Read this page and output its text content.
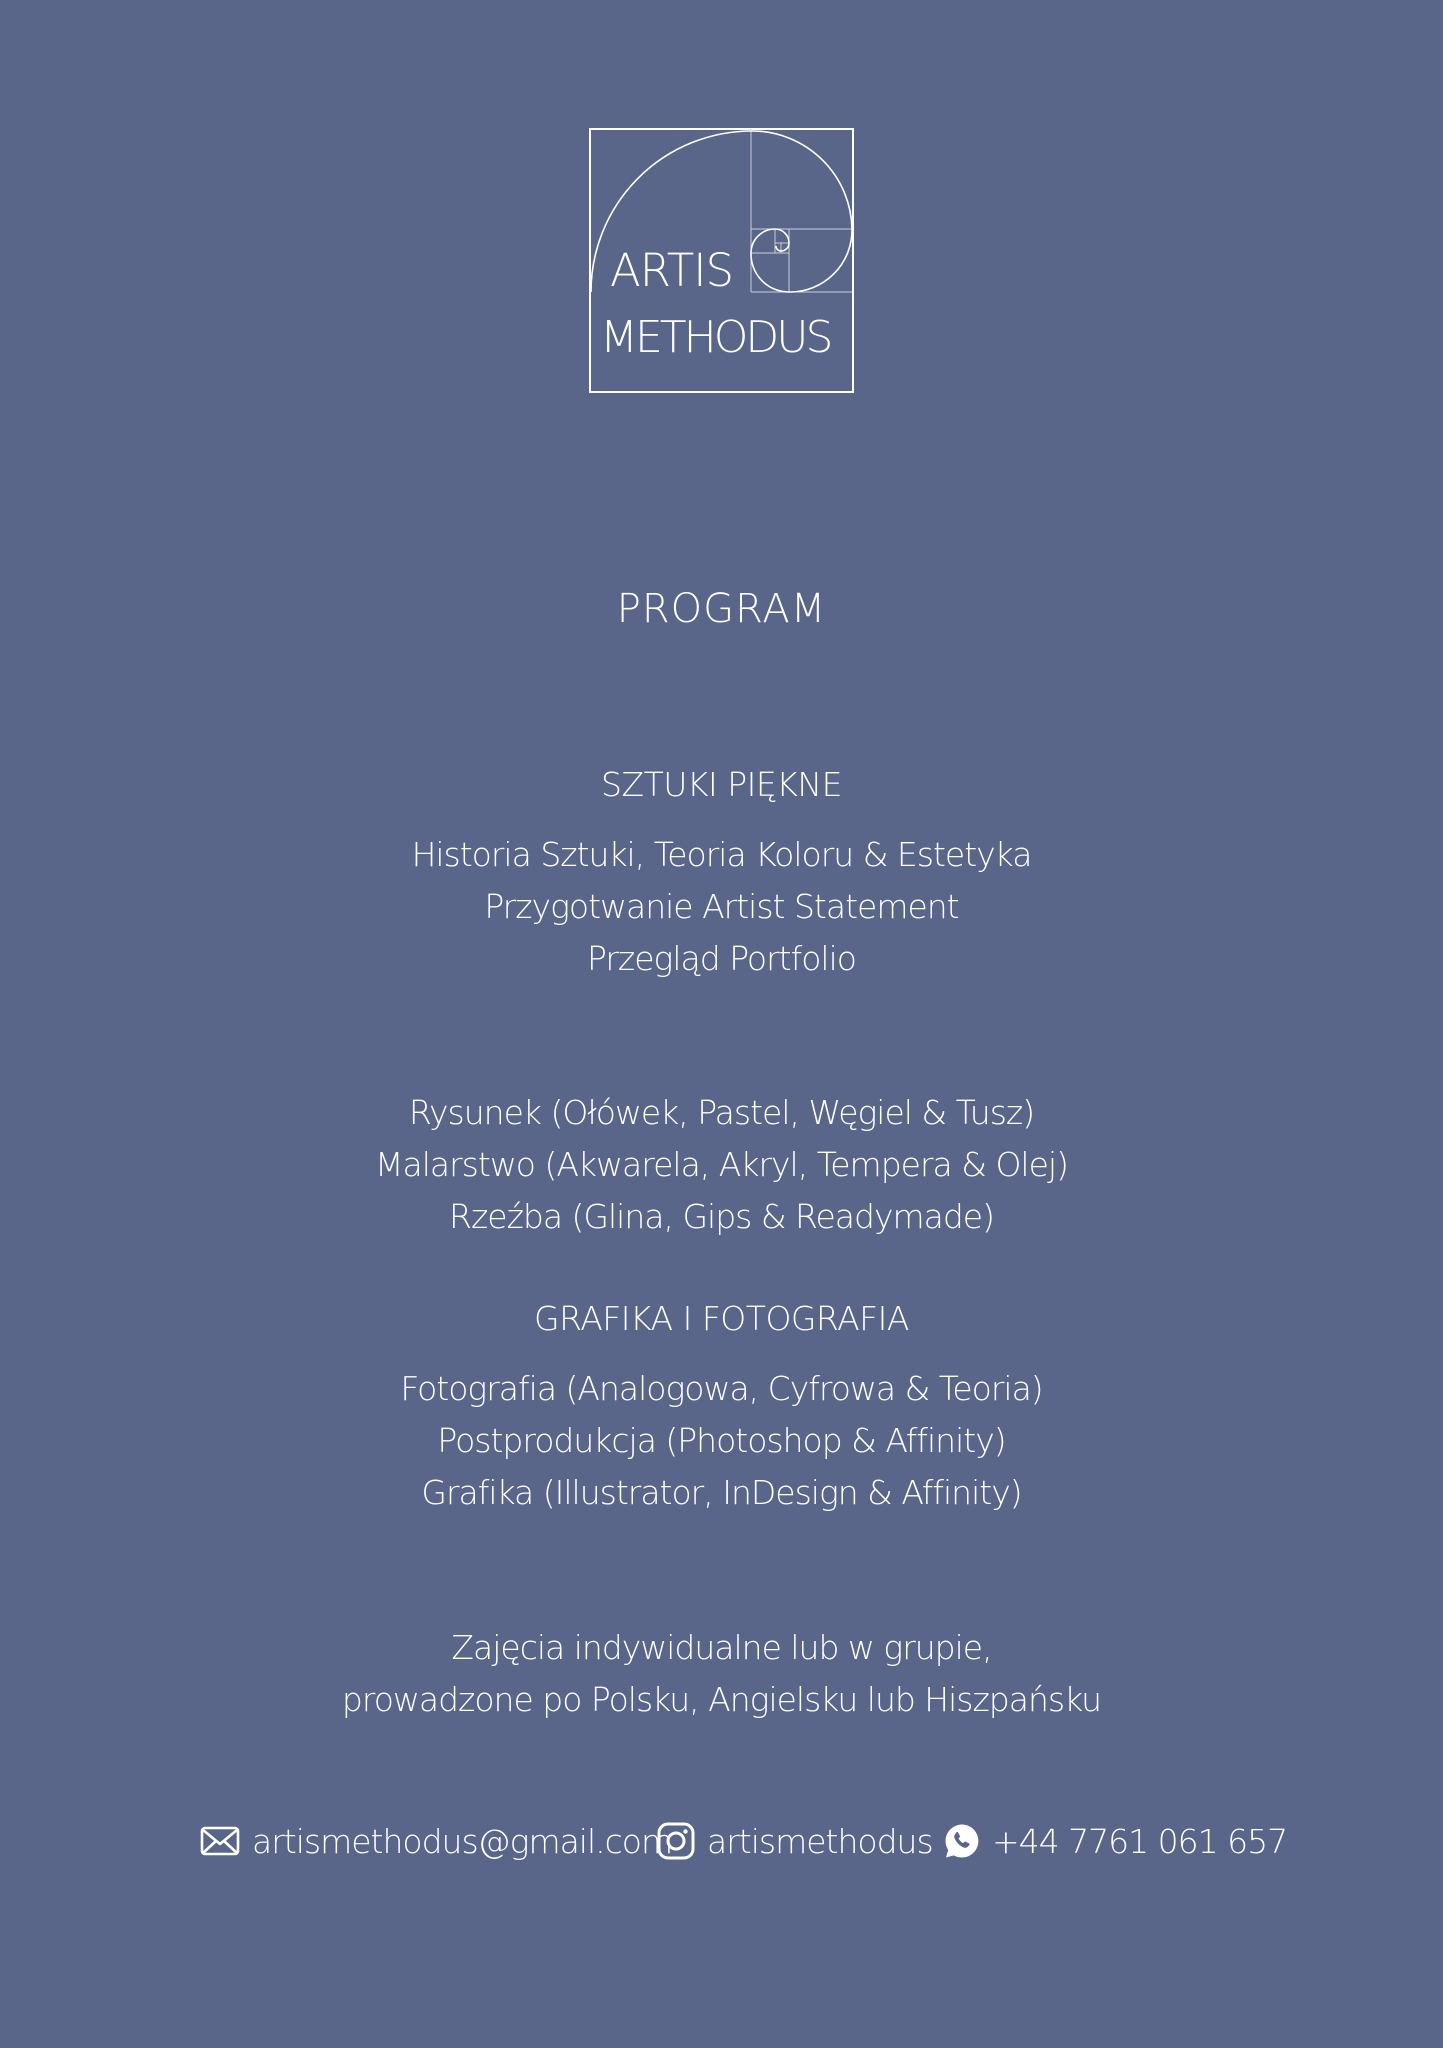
ARTIS
METHODUS
PROGRAM
SZTUKI PIĘKNE
Historia Sztuki, Teoria Koloru & Estetyka
Przygotwanie Artist Statement
Przegląd Portfolio
Rysunek (Ołówek, Pastel, Węgiel & Tusz)
Malarstwo (Akwarela, Akryl, Tempera & Olej)
Rzeźba (Glina, Gips & Readymade)
GRAFIKA I FOTOGRAFIA
Fotografia (Analogowa, Cyfrowa & Teoria)
Postprodukcja (Photoshop & Affinity)
Grafika (Illustrator, InDesign & Affinity)
Zajęcia indywidualne lub w grupie,
prowadzone po Polsku, Angielsku lub Hiszpańsku
artismethodus@gmail.com artismethodus +44 7761 061 657
